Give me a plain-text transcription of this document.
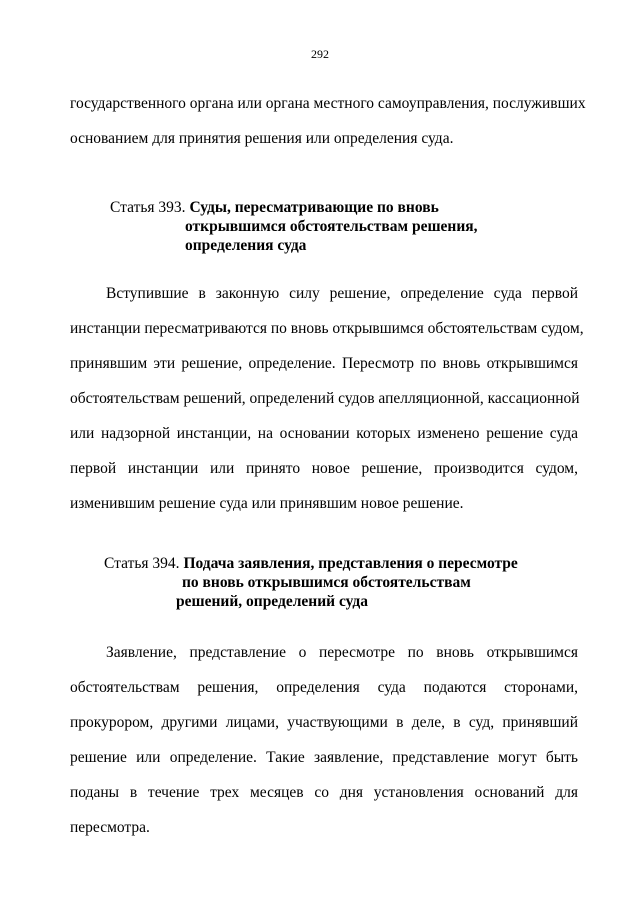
292
государственного органа или органа местного самоуправления, послуживших
основанием для принятия решения или определения суда.
Статья 393. Суды, пересматривающие по вновь
открывшимся обстоятельствам решения,
определения суда
Вступившие в законную силу решение, определение суда первой
инстанции пересматриваются по вновь открывшимся обстоятельствам судом,
принявшим эти решение, определение. Пересмотр по вновь открывшимся
обстоятельствам решений, определений судов апелляционной, кассационной
или надзорной инстанции, на основании которых изменено решение суда
первой инстанции или принято новое решение, производится судом,
изменившим решение суда или принявшим новое решение.
Статья 394. Подача заявления, представления о пересмотре
по вновь открывшимся обстоятельствам
решений, определений суда
Заявление, представление о пересмотре по вновь открывшимся
обстоятельствам решения, определения суда подаются сторонами,
прокурором, другими лицами, участвующими в деле, в суд, принявший
решение или определение. Такие заявление, представление могут быть
поданы в течение трех месяцев со дня установления оснований для
пересмотра.
